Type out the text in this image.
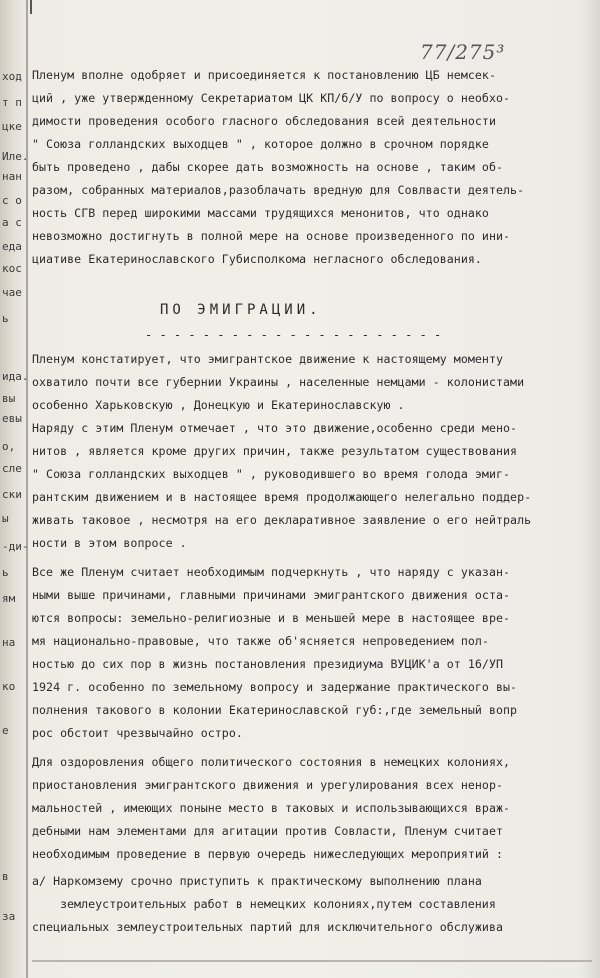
77/275³
ход
т п
цке
Иле.
нан
с о
а с
еда
кос
чае
ь
ида.
вы
евы
о,
сле
ски
ы
-ди-
ь
ям
на
ко
е
в
за
Пленум вполне одобряет и присоединяется к постановлению ЦБ немсек-
ций , уже утвержденному Секретариатом ЦК КП/б/У по вопросу о необхо-
димости проведения особого гласного обследования всей деятельности
" Союза голландских выходцев " , которое должно в срочном порядке
быть проведено , дабы скорее дать возможность на основе , таким об-
разом, собранных материалов,разоблачать вредную для Совлвасти деятель-
ность СГВ перед широкими массами трудящихся менонитов, что однако
невозможно достигнуть в полной мере на основе произведенного по ини-
циативе Екатеринославского Губисполкома негласного обследования.
Пленум констатирует, что эмигрантское движение к настоящему моменту
охватило почти все губернии Украины , населенные немцами - колонистами
особенно Харьковскую , Донецкую и Екатеринославскую .
Наряду с этим Пленум отмечает , что это движение,особенно среди мено-
нитов , является кроме других причин, также результатом существования
" Союза голландских выходцев " , руководившего во время голода эмиг-
рантским движением и в настоящее время продолжающего нелегально поддер-
живать таковое , несмотря на его декларативное заявление о его нейтраль
ности в этом вопросе .
Все же Пленум считает необходимым подчеркнуть , что наряду с указан-
ными выше причинами, главными причинами эмигрантского движения оста-
ются вопросы: земельно-религиозные и в меньшей мере в настоящее вре-
мя национально-правовые, что также об'ясняется непроведением пол-
ностью до сих пор в жизнь постановления президиума ВУЦИК'а от 16/УП
1924 г. особенно по земельному вопросу и задержание практического вы-
полнения такового в колонии Екатеринославской губ:,где земельный вопр
рос обстоит чрезвычайно остро.
Для оздоровления общего политического состояния в немецких колониях,
приостановления эмигрантского движения и урегулирования всех ненор-
мальностей , имеющих поныне место в таковых и использывающихся враж-
дебными нам элементами для агитации против Совласти, Пленум считает
необходимым проведение в первую очередь нижеследующих мероприятий :
а/ Наркомзему срочно приступить к практическому выполнению плана
землеустроительных работ в немецких колониях,путем составления
специальных землеустроительных партий для исключительного обслужива
ПО ЭМИГРАЦИИ.
- - - - - - - - - - - - - - - - - - - - -
